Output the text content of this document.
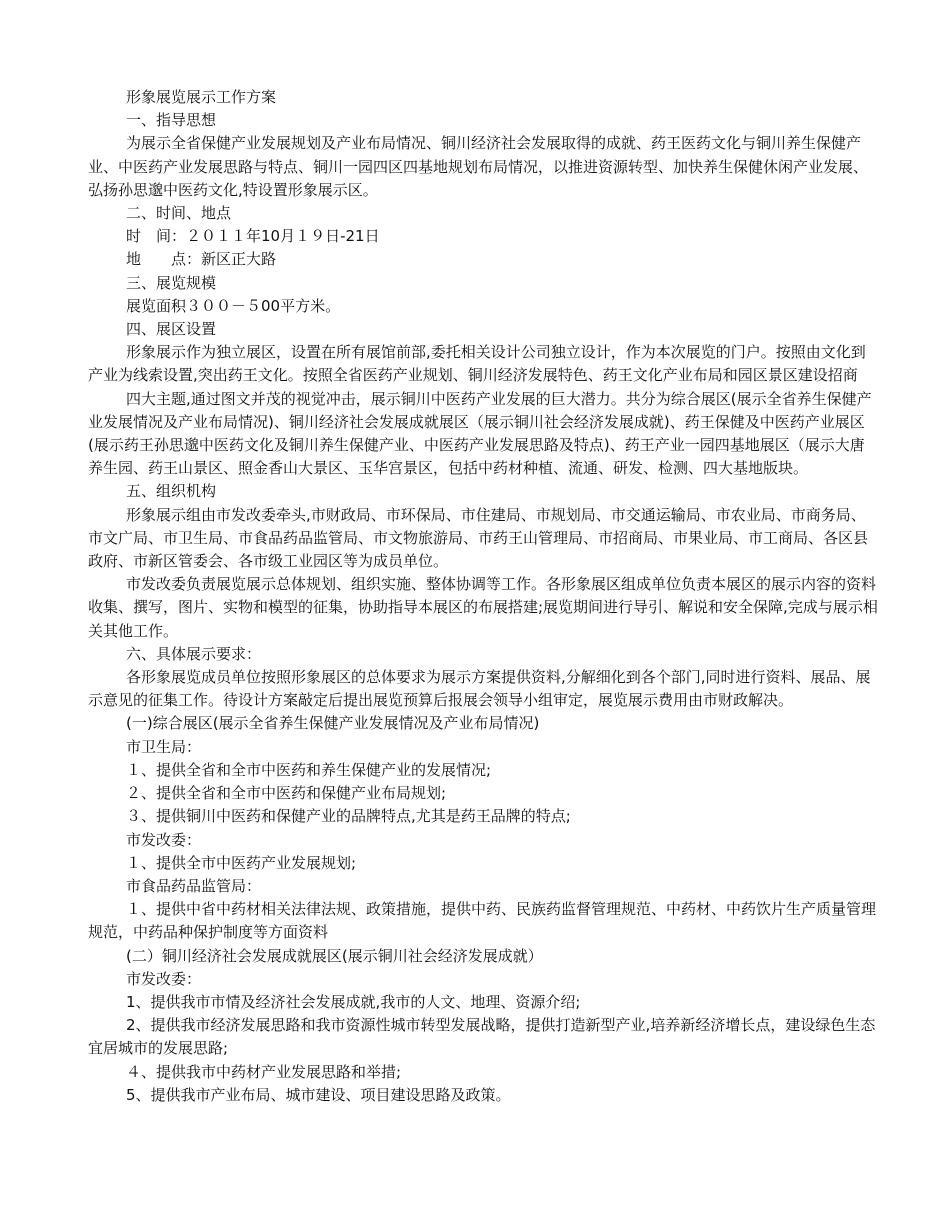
形象展览展示工作方案

一、指导思想

为展示全省保健产业发展规划及产业布局情况、铜川经济社会发展取得的成就、药王医药文化与铜川养生保健产业、中医药产业发展思路与特点、铜川一园四区四基地规划布局情况，以推进资源转型、加快养生保健休闲产业发展、弘扬孙思邈中医药文化,特设置形象展示区。

二、时间、地点

时　间：２０１１年10月１９日-21日

地　　点：新区正大路

三、展览规模

展览面积３００－５00平方米。

四、展区设置

形象展示作为独立展区，设置在所有展馆前部,委托相关设计公司独立设计，作为本次展览的门户。按照由文化到产业为线索设置,突出药王文化。按照全省医药产业规划、铜川经济发展特色、药王文化产业布局和园区景区建设招商

四大主题,通过图文并茂的视觉冲击，展示铜川中医药产业发展的巨大潜力。共分为综合展区(展示全省养生保健产业发展情况及产业布局情况)、铜川经济社会发展成就展区（展示铜川社会经济发展成就)、药王保健及中医药产业展区(展示药王孙思邈中医药文化及铜川养生保健产业、中医药产业发展思路及特点)、药王产业一园四基地展区（展示大唐养生园、药王山景区、照金香山大景区、玉华宫景区，包括中药材种植、流通、研发、检测、四大基地版块。

五、组织机构

形象展示组由市发改委牵头,市财政局、市环保局、市住建局、市规划局、市交通运输局、市农业局、市商务局、市文广局、市卫生局、市食品药品监管局、市文物旅游局、市药王山管理局、市招商局、市果业局、市工商局、各区县政府、市新区管委会、各市级工业园区等为成员单位。

市发改委负责展览展示总体规划、组织实施、整体协调等工作。各形象展区组成单位负责本展区的展示内容的资料收集、撰写，图片、实物和模型的征集，协助指导本展区的布展搭建;展览期间进行导引、解说和安全保障,完成与展示相关其他工作。

六、具体展示要求：

各形象展览成员单位按照形象展区的总体要求为展示方案提供资料,分解细化到各个部门,同时进行资料、展品、展示意见的征集工作。待设计方案敲定后提出展览预算后报展会领导小组审定，展览展示费用由市财政解决。

(一)综合展区(展示全省养生保健产业发展情况及产业布局情况)

市卫生局：

１、提供全省和全市中医药和养生保健产业的发展情况;

２、提供全省和全市中医药和保健产业布局规划;

３、提供铜川中医药和保健产业的品牌特点,尤其是药王品牌的特点;

市发改委：

１、提供全市中医药产业发展规划;

市食品药品监管局：

１、提供中省中药材相关法律法规、政策措施，提供中药、民族药监督管理规范、中药材、中药饮片生产质量管理规范，中药品种保护制度等方面资料

(二）铜川经济社会发展成就展区(展示铜川社会经济发展成就）

市发改委：

1、提供我市市情及经济社会发展成就,我市的人文、地理、资源介绍;

2、提供我市经济发展思路和我市资源性城市转型发展战略，提供打造新型产业,培养新经济增长点，建设绿色生态宜居城市的发展思路;

４、提供我市中药材产业发展思路和举措;

5、提供我市产业布局、城市建设、项目建设思路及政策。
